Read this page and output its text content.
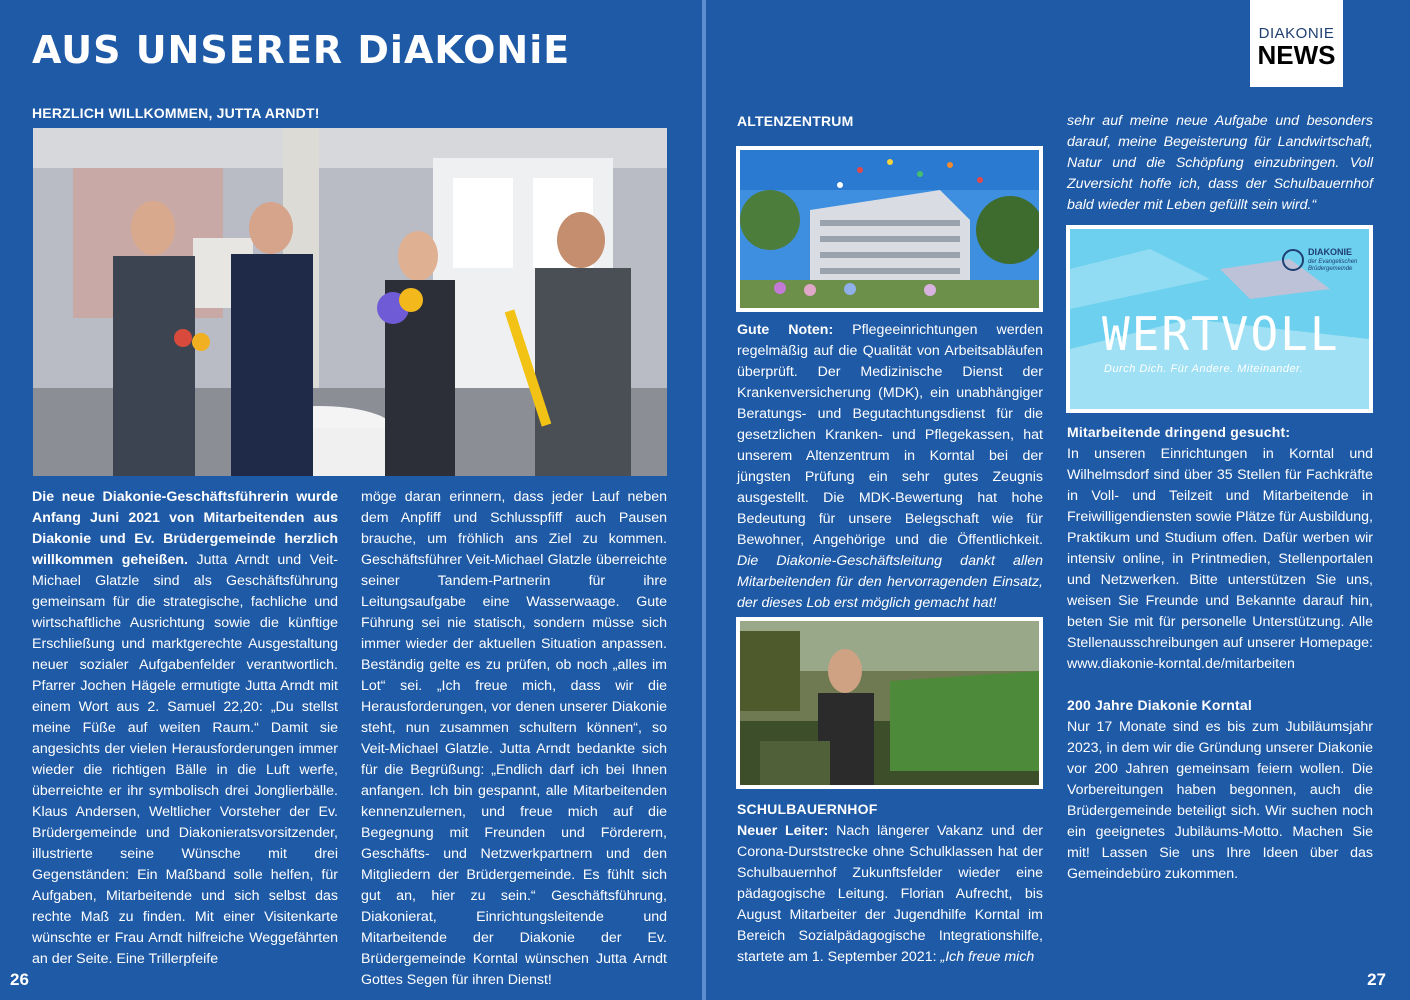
AUS UNSERER DiAKONiE
HERZLICH WILLKOMMEN, JUTTA ARNDT!

Die neue Diakonie-Geschäftsführerin wurde Anfang Juni 2021 von Mitarbeitenden aus Diakonie und Ev. Brüdergemeinde herzlich willkommen geheißen. Jutta Arndt und Veit-Michael Glatzle sind als Geschäftsführung gemeinsam für die strategische, fachliche und wirtschaftliche Ausrichtung sowie die künftige Erschließung und marktgerechte Ausgestaltung neuer sozialer Aufgabenfelder verantwortlich. Pfarrer Jochen Hägele ermutigte Jutta Arndt mit einem Wort aus 2. Samuel 22,20: „Du stellst meine Füße auf weiten Raum.“ Damit sie angesichts der vielen Herausforderungen immer wieder die richtigen Bälle in die Luft werfe, überreichte er ihr symbolisch drei Jonglierbälle. Klaus Andersen, Weltlicher Vorsteher der Ev. Brüdergemeinde und Diakonieratsvorsitzender, illustrierte seine Wünsche mit drei Gegenständen: Ein Maßband solle helfen, für Aufgaben, Mitarbeitende und sich selbst das rechte Maß zu finden. Mit einer Visitenkarte wünschte er Frau Arndt hilfreiche Weggefährten an der Seite. Eine Trillerpfeife

möge daran erinnern, dass jeder Lauf neben dem Anpfiff und Schlusspfiff auch Pausen brauche, um fröhlich ans Ziel zu kommen. Geschäftsführer Veit-Michael Glatzle überreichte seiner Tandem-Partnerin für ihre Leitungsaufgabe eine Wasserwaage. Gute Führung sei nie statisch, sondern müsse sich immer wieder der aktuellen Situation anpassen. Beständig gelte es zu prüfen, ob noch „alles im Lot“ sei. „Ich freue mich, dass wir die Herausforderungen, vor denen unserer Diakonie steht, nun zusammen schultern können“, so Veit-Michael Glatzle. Jutta Arndt bedankte sich für die Begrüßung: „Endlich darf ich bei Ihnen anfangen. Ich bin gespannt, alle Mitarbeitenden kennenzulernen, und freue mich auf die Begegnung mit Freunden und Förderern, Geschäfts- und Netzwerkpartnern und den Mitgliedern der Brüdergemeinde. Es fühlt sich gut an, hier zu sein.“ Geschäftsführung, Diakonierat, Einrichtungsleitende und Mitarbeitende der Diakonie der Ev. Brüdergemeinde Korntal wünschen Jutta Arndt Gottes Segen für ihren Dienst!

26
DIAKONIE
NEWS
ALTENZENTRUM

Gute Noten: Pflegeeinrichtungen werden regelmäßig auf die Qualität von Arbeitsabläufen überprüft. Der Medizinische Dienst der Krankenversicherung (MDK), ein unabhängiger Beratungs- und Begutachtungsdienst für die gesetzlichen Kranken- und Pflegekassen, hat unserem Altenzentrum in Korntal bei der jüngsten Prüfung ein sehr gutes Zeugnis ausgestellt. Die MDK-Bewertung hat hohe Bedeutung für unsere Belegschaft wie für Bewohner, Angehörige und die Öffentlichkeit. Die Diakonie-Geschäftsleitung dankt allen Mitarbeitenden für den hervorragenden Einsatz, der dieses Lob erst möglich gemacht hat!

SCHULBAUERNHOF

Neuer Leiter: Nach längerer Vakanz und der Corona-Durststrecke ohne Schulklassen hat der Schulbauernhof Zukunftsfelder wieder eine pädagogische Leitung. Florian Aufrecht, bis August Mitarbeiter der Jugendhilfe Korntal im Bereich Sozialpädagogische Integrationshilfe, startete am 1. September 2021: „Ich freue mich

sehr auf meine neue Aufgabe und besonders darauf, meine Begeisterung für Landwirtschaft, Natur und die Schöpfung einzubringen. Voll Zuversicht hoffe ich, dass der Schulbauernhof bald wieder mit Leben gefüllt sein wird.“

DIAKONIE
der Evangelischen
Brüdergemeinde
WERTVOLL
Durch Dich. Für Andere. Miteinander.
Mitarbeitende dringend gesucht:

In unseren Einrichtungen in Korntal und Wilhelmsdorf sind über 35 Stellen für Fachkräfte in Voll- und Teilzeit und Mitarbeitende in Freiwilligendiensten sowie Plätze für Ausbildung, Praktikum und Studium offen. Dafür werben wir intensiv online, in Printmedien, Stellenportalen und Netzwerken. Bitte unterstützen Sie uns, weisen Sie Freunde und Bekannte darauf hin, beten Sie mit für personelle Unterstützung. Alle Stellenausschreibungen auf unserer Homepage: www.diakonie-korntal.de/mitarbeiten

200 Jahre Diakonie Korntal

Nur 17 Monate sind es bis zum Jubiläumsjahr 2023, in dem wir die Gründung unserer Diakonie vor 200 Jahren gemeinsam feiern wollen. Die Vorbereitungen haben begonnen, auch die Brüdergemeinde beteiligt sich. Wir suchen noch ein geeignetes Jubiläums-Motto. Machen Sie mit! Lassen Sie uns Ihre Ideen über das Gemeindebüro zukommen.

27
